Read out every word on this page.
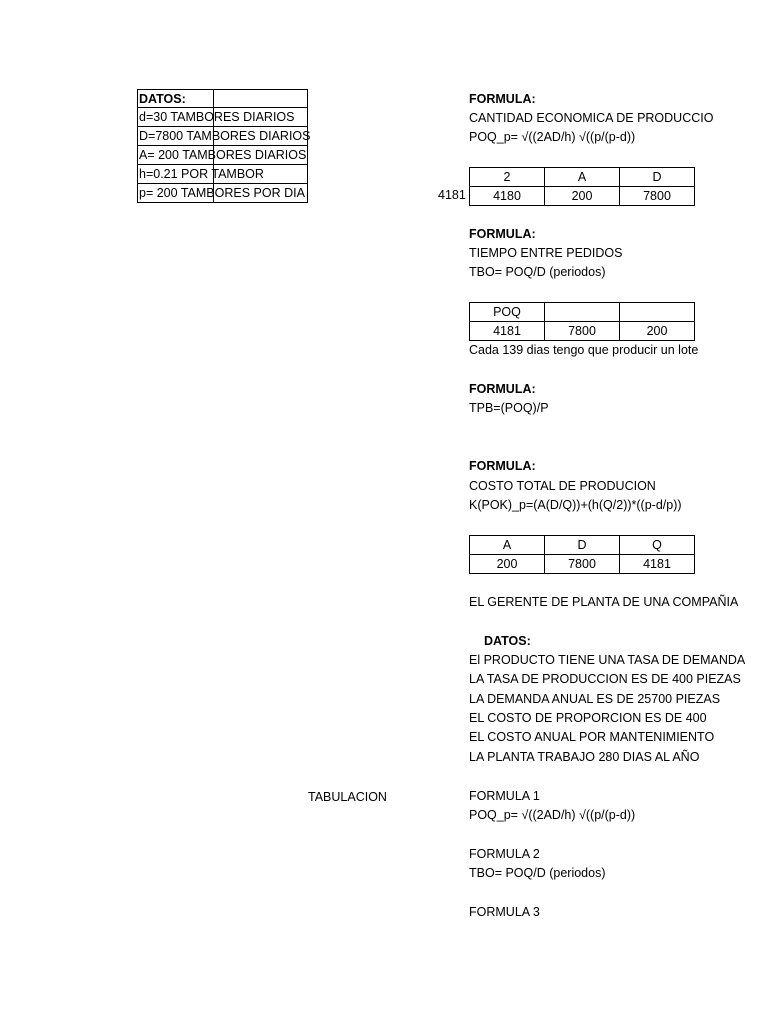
DATOS:
d=30 TAMBORES DIARIOS
D=7800 TAMBORES DIARIOS
A= 200 TAMBORES DIARIOS
h=0.21 POR TAMBOR
p= 200 TAMBORES POR DIA	4181
TABULACION
FORMULA:
CANTIDAD ECONOMICA DE PRODUCCIO
POQ_p= √((2AD/h) √((p/(p-d))
2	A	D
4180	200	7800
FORMULA:
TIEMPO ENTRE PEDIDOS
TBO= POQ/D (periodos)
POQ		
4181	7800	200
Cada 139 dias tengo que producir un lote
FORMULA:
TPB=(POQ)/P
FORMULA:
COSTO TOTAL DE PRODUCION
K(POK)_p=(A(D/Q))+(h(Q/2))*((p-d/p))
A	D	Q
200	7800	4181
EL GERENTE DE PLANTA DE UNA COMPAÑIA
DATOS:
El PRODUCTO TIENE UNA TASA DE DEMANDA
LA TASA DE PRODUCCION ES DE 400 PIEZAS
LA DEMANDA ANUAL ES DE 25700 PIEZAS
EL COSTO DE PROPORCION ES DE 400
EL COSTO ANUAL POR MANTENIMIENTO
LA PLANTA TRABAJO 280 DIAS AL AÑO
FORMULA 1
POQ_p= √((2AD/h) √((p/(p-d))
FORMULA 2
TBO= POQ/D (periodos)
FORMULA 3
